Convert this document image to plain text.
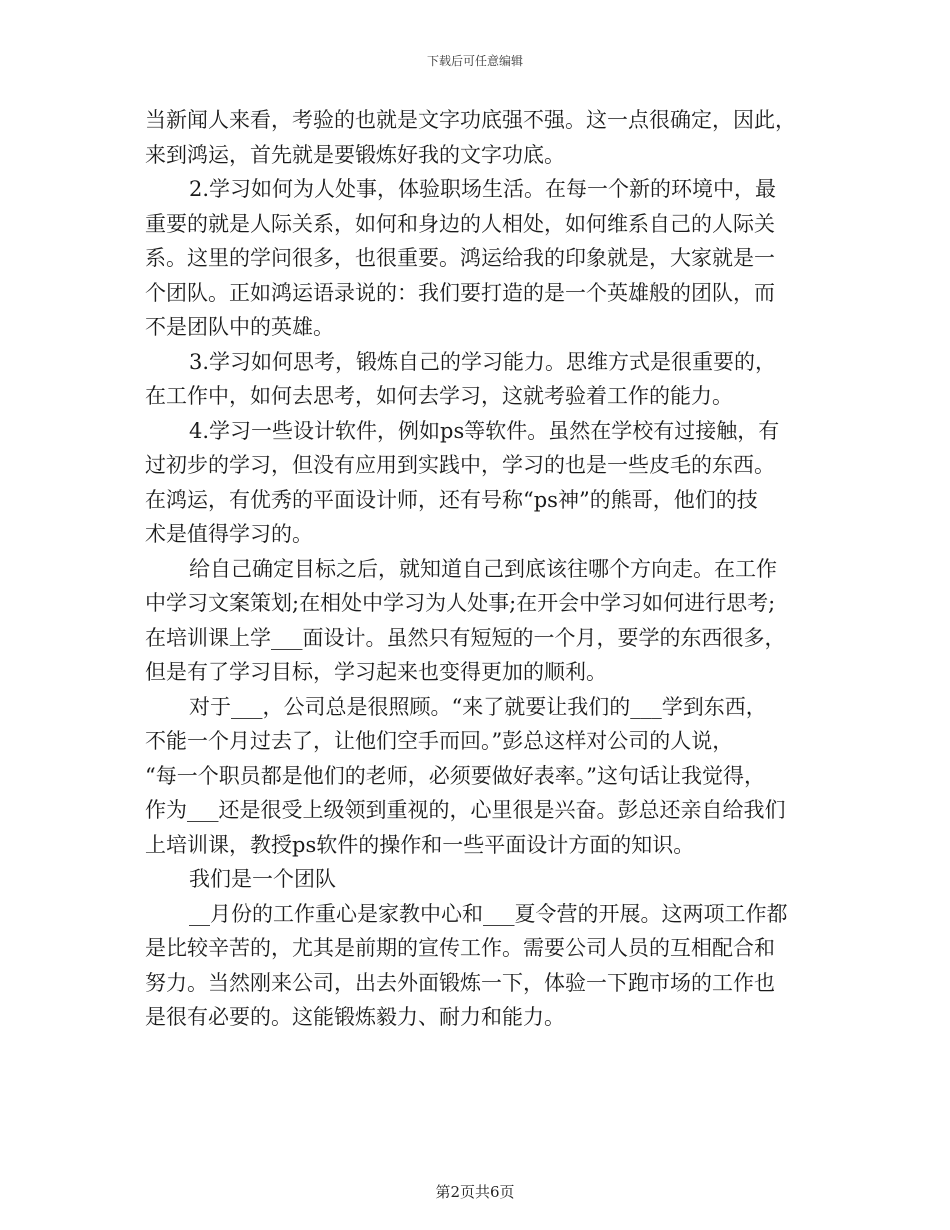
下载后可任意编辑
当新闻人来看，考验的也就是文字功底强不强。这一点很确定，因此，
来到鸿运，首先就是要锻炼好我的文字功底。
2.学习如何为人处事，体验职场生活。在每一个新的环境中，最
重要的就是人际关系，如何和身边的人相处，如何维系自己的人际关
系。这里的学问很多，也很重要。鸿运给我的印象就是，大家就是一
个团队。正如鸿运语录说的：我们要打造的是一个英雄般的团队，而
不是团队中的英雄。
3.学习如何思考，锻炼自己的学习能力。思维方式是很重要的，
在工作中，如何去思考，如何去学习，这就考验着工作的能力。
4.学习一些设计软件，例如ps等软件。虽然在学校有过接触，有
过初步的学习，但没有应用到实践中，学习的也是一些皮毛的东西。
在鸿运，有优秀的平面设计师，还有号称“ps神”的熊哥，他们的技
术是值得学习的。
给自己确定目标之后，就知道自己到底该往哪个方向走。在工作
中学习文案策划;在相处中学习为人处事;在开会中学习如何进行思考;
在培训课上学___面设计。虽然只有短短的一个月，要学的东西很多，
但是有了学习目标，学习起来也变得更加的顺利。
对于___，公司总是很照顾。“来了就要让我们的___学到东西，
不能一个月过去了，让他们空手而回。”彭总这样对公司的人说，
“每一个职员都是他们的老师，必须要做好表率。”这句话让我觉得，
作为___还是很受上级领到重视的，心里很是兴奋。彭总还亲自给我们
上培训课，教授ps软件的操作和一些平面设计方面的知识。
我们是一个团队
__月份的工作重心是家教中心和___夏令营的开展。这两项工作都
是比较辛苦的，尤其是前期的宣传工作。需要公司人员的互相配合和
努力。当然刚来公司，出去外面锻炼一下，体验一下跑市场的工作也
是很有必要的。这能锻炼毅力、耐力和能力。
第2页共6页
